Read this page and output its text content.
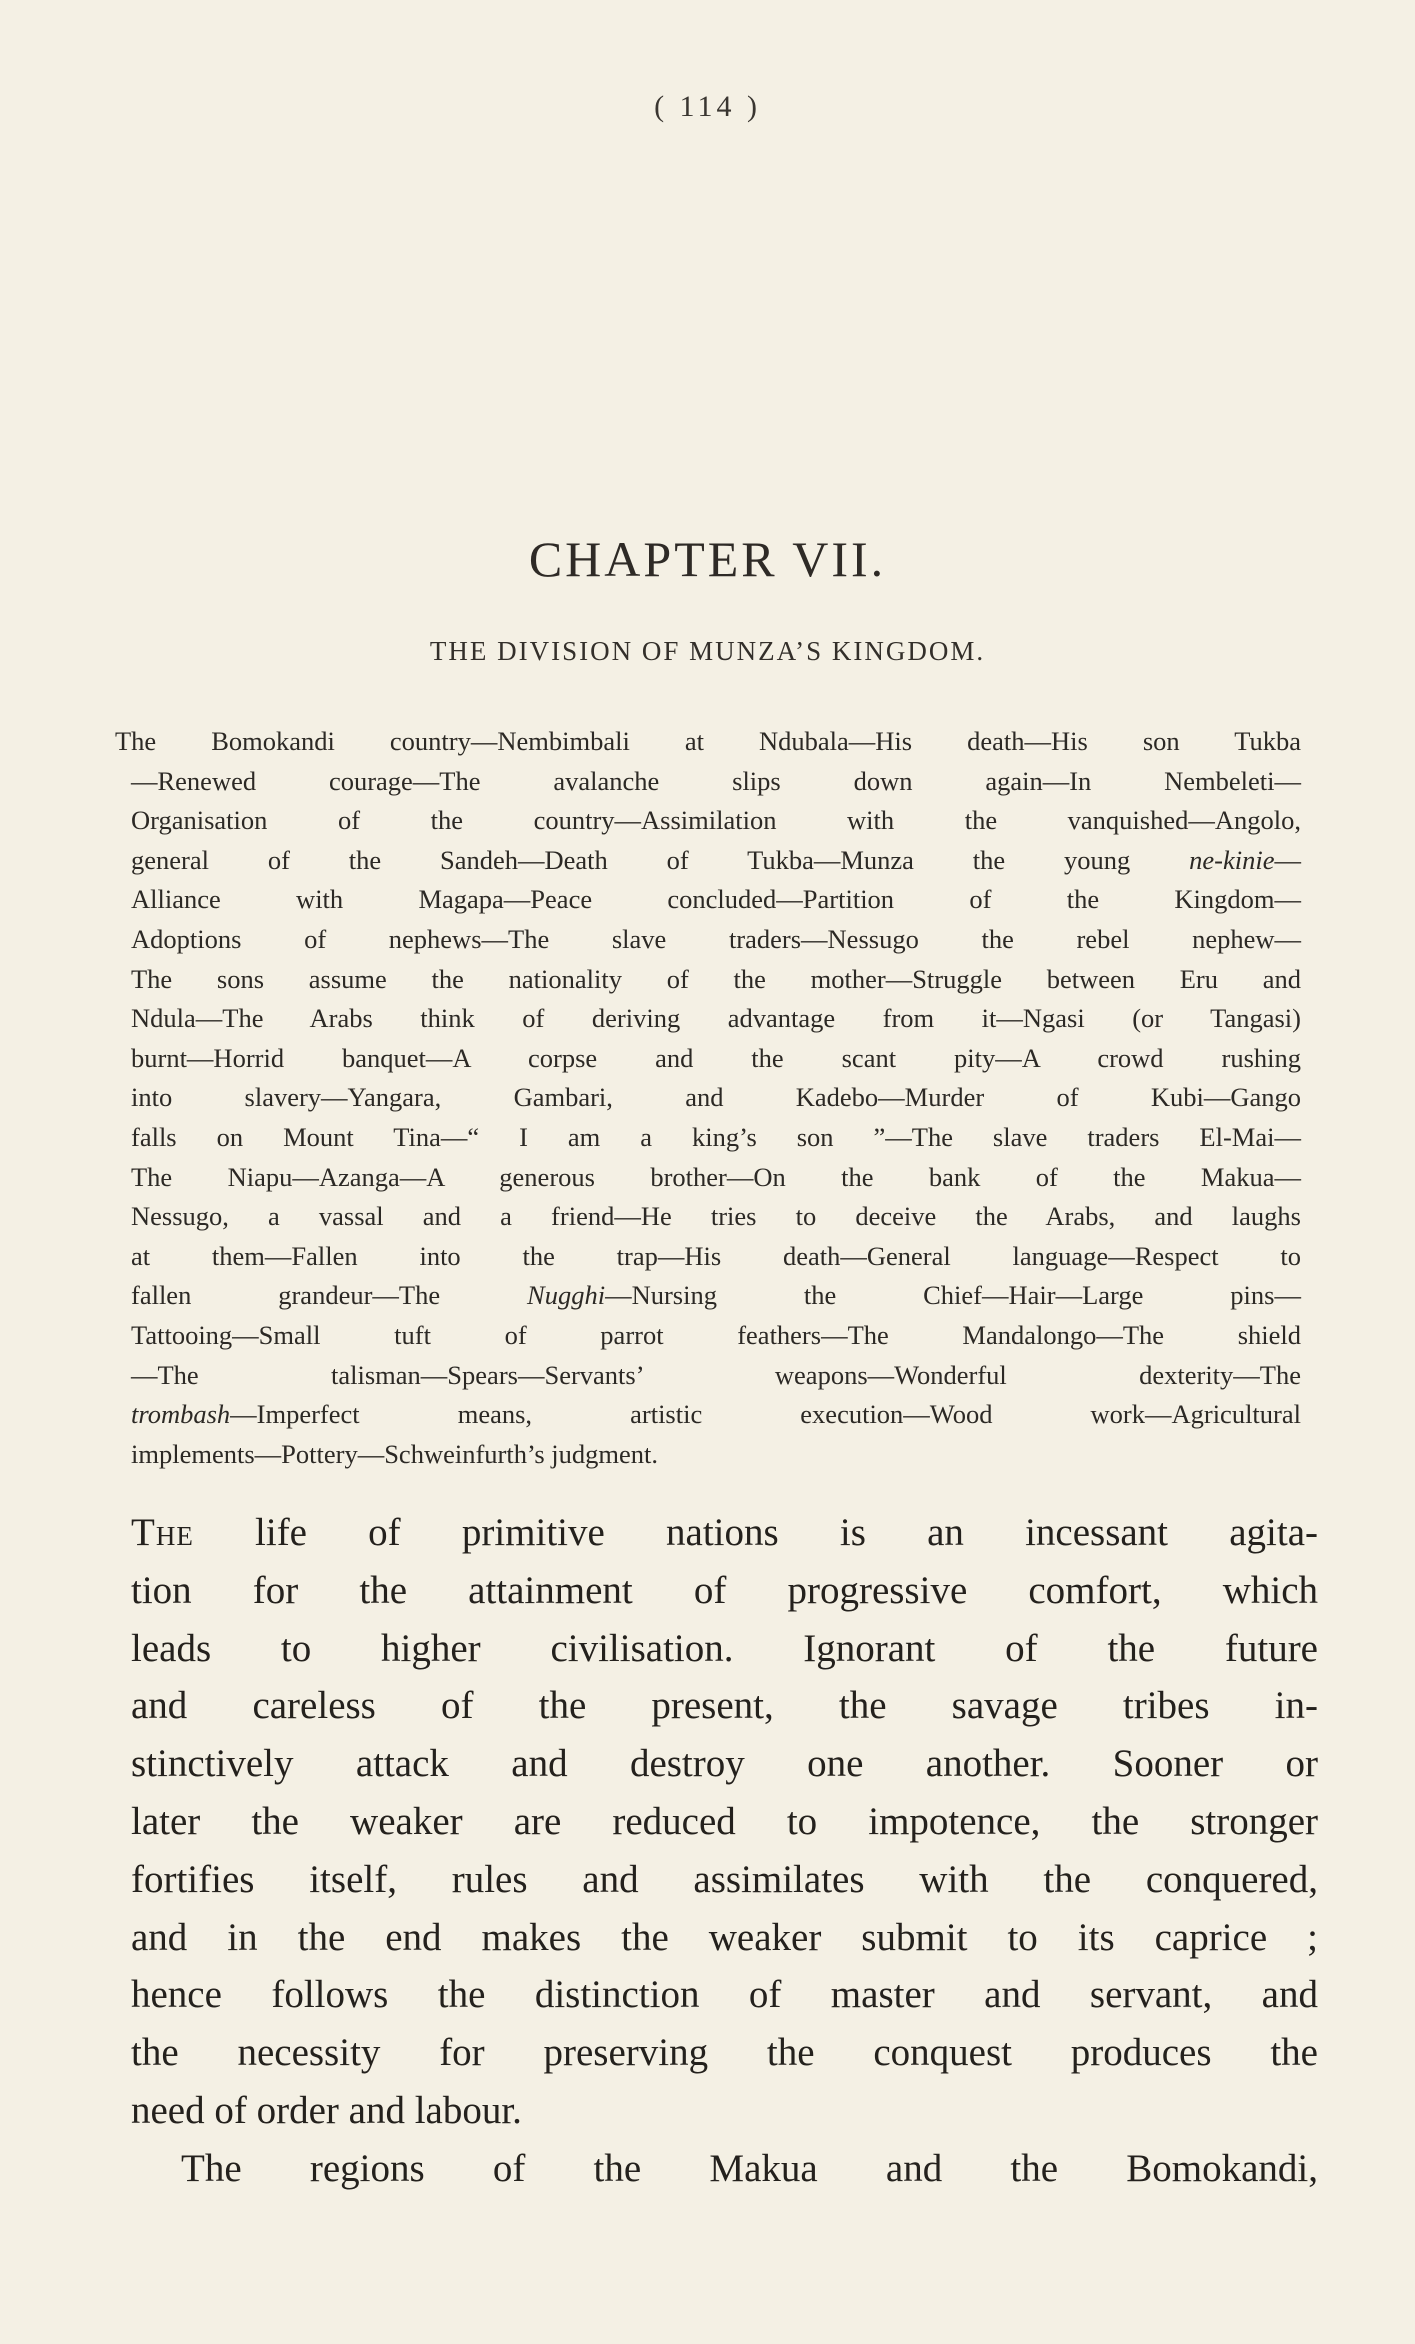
( 114 )
CHAPTER VII.
THE DIVISION OF MUNZA’S KINGDOM.
The Bomokandi country—Nembimbali at Ndubala—His death—His son Tukba
—Renewed courage—The avalanche slips down again—In Nembeleti—
Organisation of the country—Assimilation with the vanquished—Angolo,
general of the Sandeh—Death of Tukba—Munza the young ne-kinie—
Alliance with Magapa—Peace concluded—Partition of the Kingdom—
Adoptions of nephews—The slave traders—Nessugo the rebel nephew—
The sons assume the nationality of the mother—Struggle between Eru and
Ndula—The Arabs think of deriving advantage from it—Ngasi (or Tangasi)
burnt—Horrid banquet—A corpse and the scant pity—A crowd rushing
into slavery—Yangara, Gambari, and Kadebo—Murder of Kubi—Gango
falls on Mount Tina—“ I am a king’s son ”—The slave traders El-Mai—
The Niapu—Azanga—A generous brother—On the bank of the Makua—
Nessugo, a vassal and a friend—He tries to deceive the Arabs, and laughs
at them—Fallen into the trap—His death—General language—Respect to
fallen grandeur—The Nugghi—Nursing the Chief—Hair—Large pins—
Tattooing—Small tuft of parrot feathers—The Mandalongo—The shield
—The talisman—Spears—Servants’ weapons—Wonderful dexterity—The
trombash—Imperfect means, artistic execution—Wood work—Agricultural
implements—Pottery—Schweinfurth’s judgment.
The life of primitive nations is an incessant agita-
tion for the attainment of progressive comfort, which
leads to higher civilisation. Ignorant of the future
and careless of the present, the savage tribes in-
stinctively attack and destroy one another. Sooner or
later the weaker are reduced to impotence, the stronger
fortifies itself, rules and assimilates with the conquered,
and in the end makes the weaker submit to its caprice ;
hence follows the distinction of master and servant, and
the necessity for preserving the conquest produces the
need of order and labour.
The regions of the Makua and the Bomokandi,
